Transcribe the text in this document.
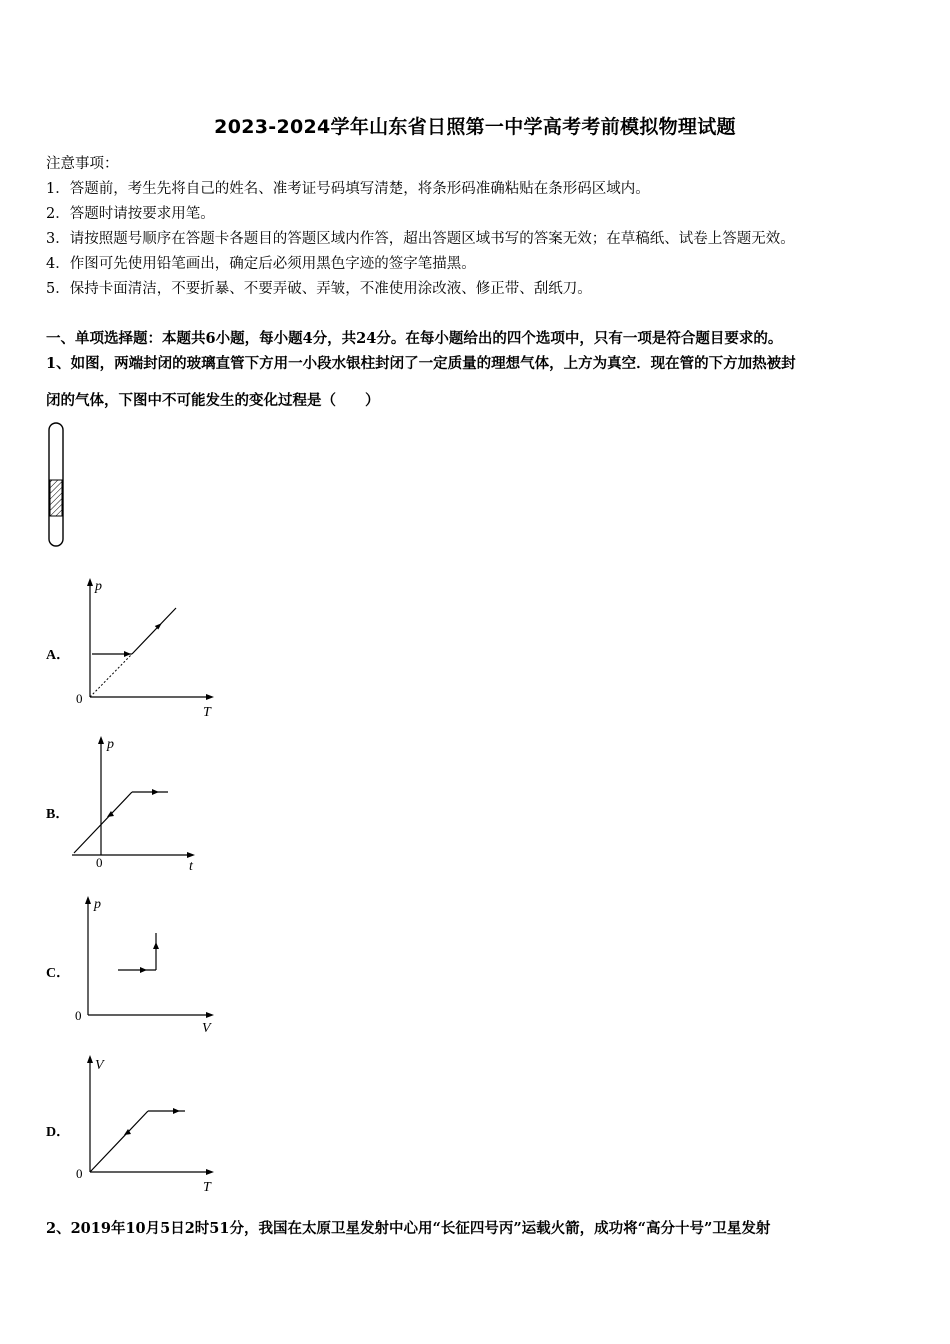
2023-2024学年山东省日照第一中学高考考前模拟物理试题
注意事项：
1．答题前，考生先将自己的姓名、准考证号码填写清楚，将条形码准确粘贴在条形码区域内。
2．答题时请按要求用笔。
3．请按照题号顺序在答题卡各题目的答题区域内作答，超出答题区域书写的答案无效；在草稿纸、试卷上答题无效。
4．作图可先使用铅笔画出，确定后必须用黑色字迹的签字笔描黑。
5．保持卡面清洁，不要折暴、不要弄破、弄皱，不准使用涂改液、修正带、刮纸刀。
一、单项选择题：本题共6小题，每小题4分，共24分。在每小题给出的四个选项中，只有一项是符合题目要求的。
1、如图，两端封闭的玻璃直管下方用一小段水银柱封闭了一定质量的理想气体，上方为真空．现在管的下方加热被封
闭的气体，下图中不可能发生的变化过程是（　　）
A．
p
T
0
B．
p
t
0
C．
p
V
0
D．
V
T
0
2、2019年10月5日2时51分，我国在太原卫星发射中心用“长征四号丙”运载火箭，成功将“高分十号”卫星发射
